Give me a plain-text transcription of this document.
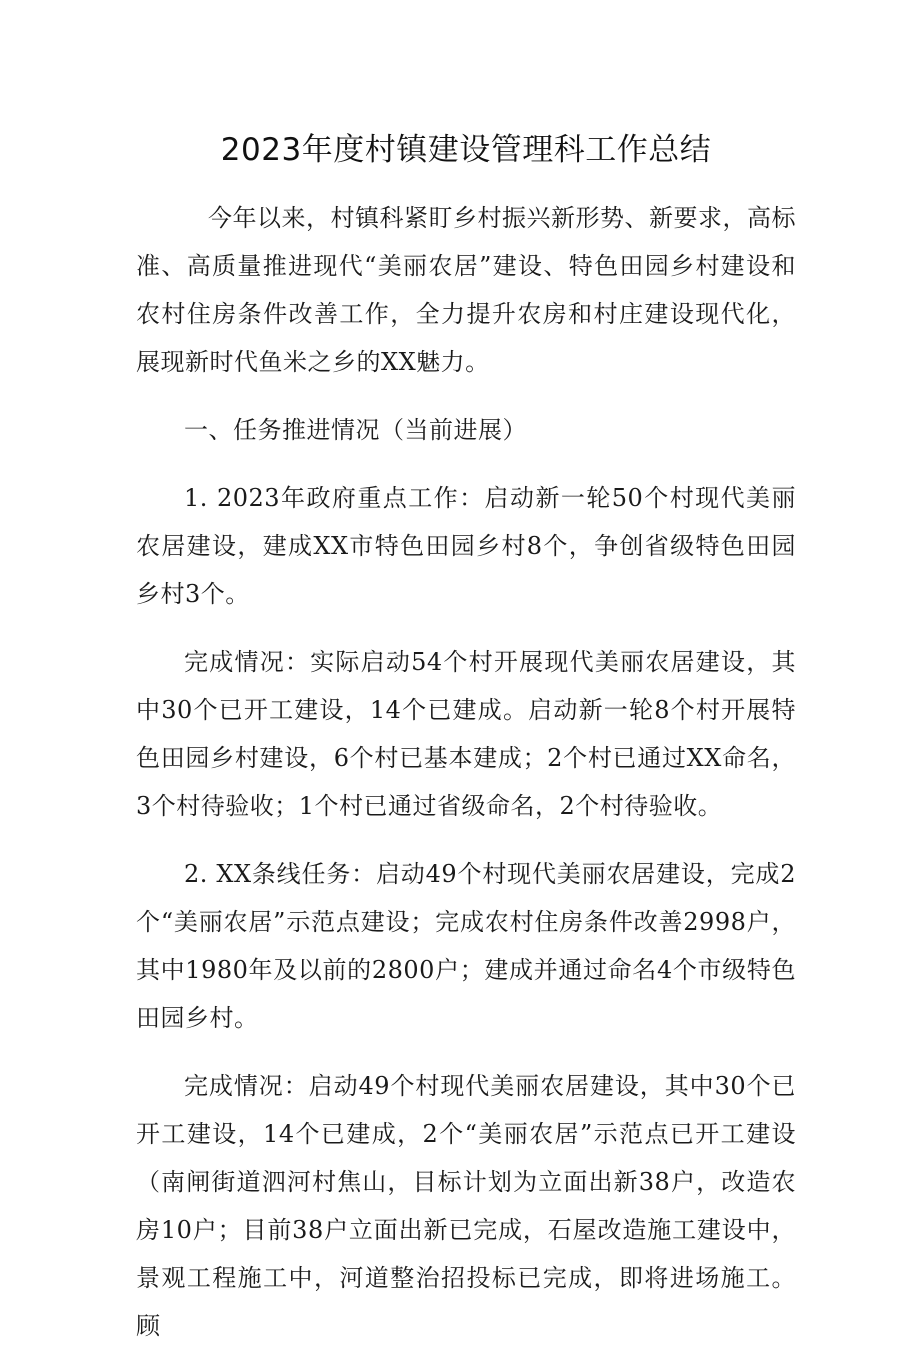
2023年度村镇建设管理科工作总结

今年以来，村镇科紧盯乡村振兴新形势、新要求，高标准、高质量推进现代“美丽农居”建设、特色田园乡村建设和农村住房条件改善工作，全力提升农房和村庄建设现代化，展现新时代鱼米之乡的XX魅力。

一、任务推进情况（当前进展）

1. 2023年政府重点工作：启动新一轮50个村现代美丽农居建设，建成XX市特色田园乡村8个，争创省级特色田园乡村3个。

完成情况：实际启动54个村开展现代美丽农居建设，其中30个已开工建设，14个已建成。启动新一轮8个村开展特色田园乡村建设，6个村已基本建成；2个村已通过XX命名，3个村待验收；1个村已通过省级命名，2个村待验收。

2. XX条线任务：启动49个村现代美丽农居建设，完成2个“美丽农居”示范点建设；完成农村住房条件改善2998户，其中1980年及以前的2800户；建成并通过命名4个市级特色田园乡村。

完成情况：启动49个村现代美丽农居建设，其中30个已开工建设，14个已建成，2个“美丽农居”示范点已开工建设（南闸街道泗河村焦山，目标计划为立面出新38户，改造农房10户；目前38户立面出新已完成，石屋改造施工建设中，景观工程施工中，河道整治招投标已完成，即将进场施工。顾
